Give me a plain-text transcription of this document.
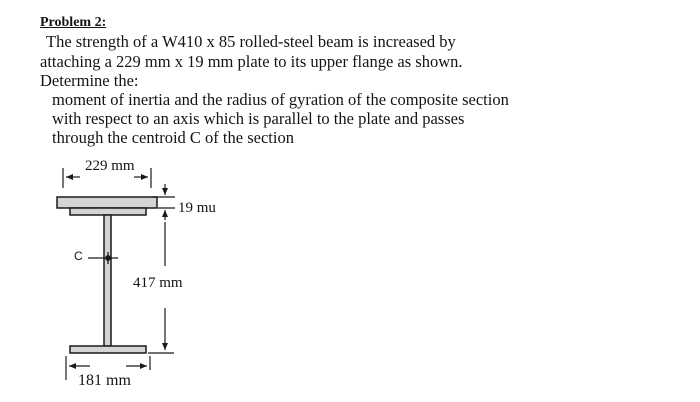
Problem 2:
The strength of a W410 x 85 rolled-steel beam is increased by
attaching a 229 mm x 19 mm plate to its upper flange as shown.
Determine the:
moment of inertia and the radius of gyration of the composite section
with respect to an axis which is parallel to the plate and passes
through the centroid C of the section
229 mm
19 mu
417 mm
181 mm
C
